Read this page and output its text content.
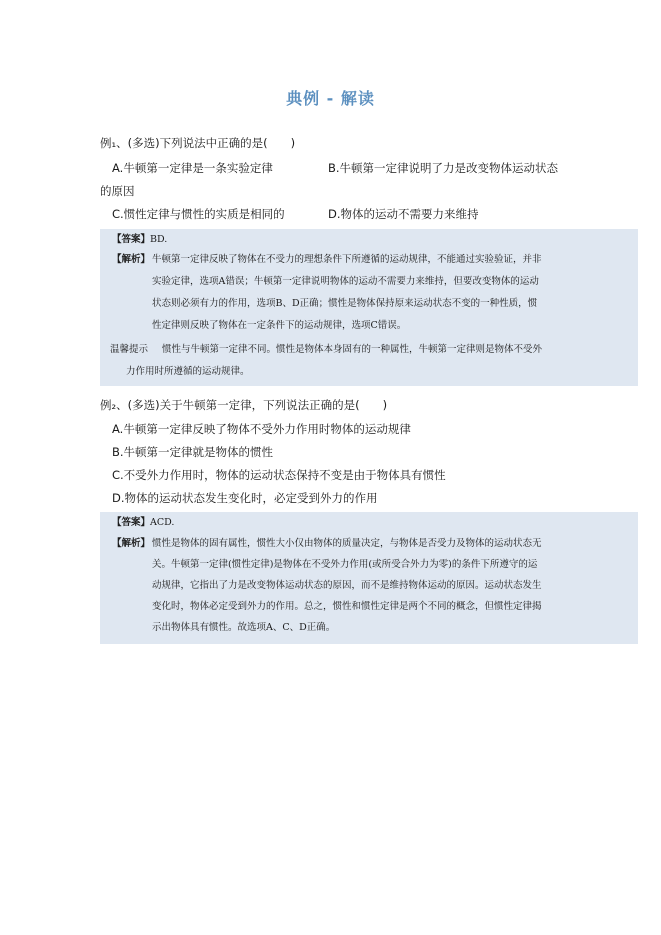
典例 - 解读
例₁、(多选)下列说法中正确的是(　　)
A.牛顿第一定律是一条实验定律	B.牛顿第一定律说明了力是改变物体运动状态
的原因
C.惯性定律与惯性的实质是相同的	D.物体的运动不需要力来维持
【答案】BD.
【解析】 牛顿第一定律反映了物体在不受力的理想条件下所遵循的运动规律，不能通过实验验证，并非
实验定律，选项A错误；牛顿第一定律说明物体的运动不需要力来维持，但要改变物体的运动
状态则必须有力的作用，选项B、D正确；惯性是物体保持原来运动状态不变的一种性质，惯
性定律则反映了物体在一定条件下的运动规律，选项C错误。
温馨提示 惯性与牛顿第一定律不同。惯性是物体本身固有的一种属性，牛顿第一定律则是物体不受外
力作用时所遵循的运动规律。
例₂、(多选)关于牛顿第一定律，下列说法正确的是(　　)
A.牛顿第一定律反映了物体不受外力作用时物体的运动规律
B.牛顿第一定律就是物体的惯性
C.不受外力作用时，物体的运动状态保持不变是由于物体具有惯性
D.物体的运动状态发生变化时，必定受到外力的作用
【答案】ACD.
【解析】 惯性是物体的固有属性，惯性大小仅由物体的质量决定，与物体是否受力及物体的运动状态无
关。牛顿第一定律(惯性定律)是物体在不受外力作用(或所受合外力为零)的条件下所遵守的运
动规律，它指出了力是改变物体运动状态的原因，而不是维持物体运动的原因。运动状态发生
变化时，物体必定受到外力的作用。总之，惯性和惯性定律是两个不同的概念，但惯性定律揭
示出物体具有惯性。故选项A、C、D正确。
